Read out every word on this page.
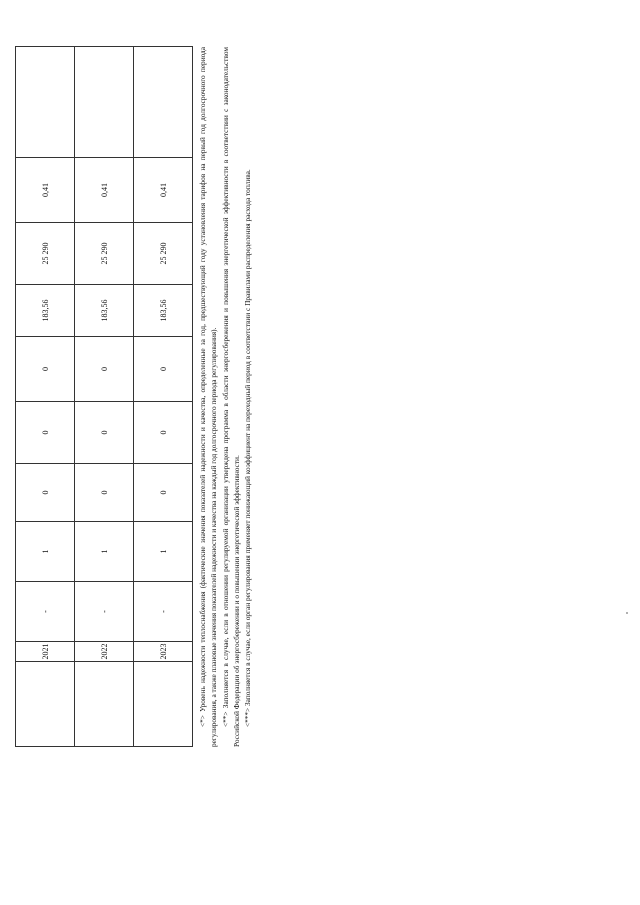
	2021	-	1	0	0	0	183,56	25 290	0,41	
	2022	-	1	0	0	0	183,56	25 290	0,41	
	2023	-	1	0	0	0	183,56	25 290	0,41		<*> Уровень надежности теплоснабжения (фактические значения показателей надежности и качества, определенные за год, предшествующий году установления тарифов на первый год долгосрочного периода регулирования, а также плановые значения показателей надежности и качества на каждый год долгосрочного периода регулирования). <**> Заполняется в случае, если в отношении регулируемой организации утверждена программа в области энергосбережения и повышения энергетической эффективности в соответствии с законодательством Российской Федерации об энергосбережении и о повышении энергетической эффективности. <***> Заполняется в случае, если орган регулирования применяет понижающий коэффициент на переходный период в соответствии с Правилами распределения расхода топлива.
